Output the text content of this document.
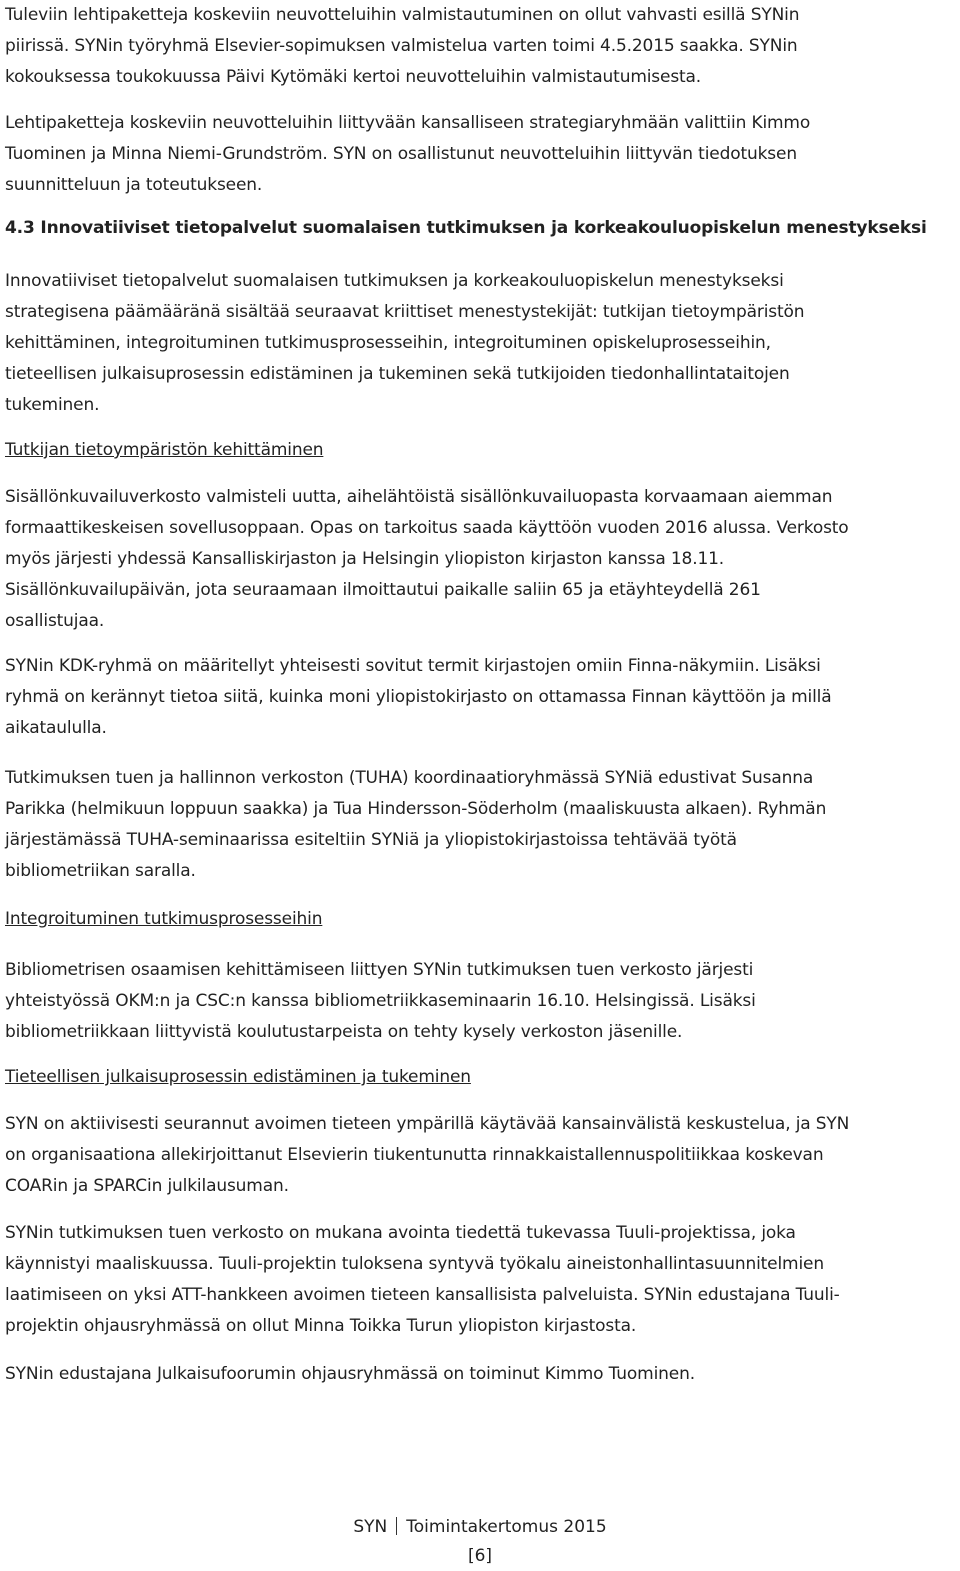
Tuleviin lehtipaketteja koskeviin neuvotteluihin valmistautuminen on ollut vahvasti esillä SYNin
piirissä. SYNin työryhmä Elsevier-sopimuksen valmistelua varten toimi 4.5.2015 saakka. SYNin
kokouksessa toukokuussa Päivi Kytömäki kertoi neuvotteluihin valmistautumisesta.
Lehtipaketteja koskeviin neuvotteluihin liittyvään kansalliseen strategiaryhmään valittiin Kimmo
Tuominen ja Minna Niemi-Grundström. SYN on osallistunut neuvotteluihin liittyvän tiedotuksen
suunnitteluun ja toteutukseen.
4.3 Innovatiiviset tietopalvelut suomalaisen tutkimuksen ja korkeakouluopiskelun menestykseksi
Innovatiiviset tietopalvelut suomalaisen tutkimuksen ja korkeakouluopiskelun menestykseksi
strategisena päämääränä sisältää seuraavat kriittiset menestystekijät: tutkijan tietoympäristön
kehittäminen, integroituminen tutkimusprosesseihin, integroituminen opiskeluprosesseihin,
tieteellisen julkaisuprosessin edistäminen ja tukeminen sekä tutkijoiden tiedonhallintataitojen
tukeminen.
Tutkijan tietoympäristön kehittäminen
Sisällönkuvailuverkosto valmisteli uutta, aihelähtöistä sisällönkuvailuopasta korvaamaan aiemman
formaattikeskeisen sovellusoppaan. Opas on tarkoitus saada käyttöön vuoden 2016 alussa. Verkosto
myös järjesti yhdessä Kansalliskirjaston ja Helsingin yliopiston kirjaston kanssa 18.11.
Sisällönkuvailupäivän, jota seuraamaan ilmoittautui paikalle saliin 65 ja etäyhteydellä 261
osallistujaa.
SYNin KDK-ryhmä on määritellyt yhteisesti sovitut termit kirjastojen omiin Finna-näkymiin. Lisäksi
ryhmä on kerännyt tietoa siitä, kuinka moni yliopistokirjasto on ottamassa Finnan käyttöön ja millä
aikataululla.
Tutkimuksen tuen ja hallinnon verkoston (TUHA) koordinaatioryhmässä SYNiä edustivat Susanna
Parikka (helmikuun loppuun saakka) ja Tua Hindersson-Söderholm (maaliskuusta alkaen). Ryhmän
järjestämässä TUHA-seminaarissa esiteltiin SYNiä ja yliopistokirjastoissa tehtävää työtä
bibliometriikan saralla.
Integroituminen tutkimusprosesseihin
Bibliometrisen osaamisen kehittämiseen liittyen SYNin tutkimuksen tuen verkosto järjesti
yhteistyössä OKM:n ja CSC:n kanssa bibliometriikkaseminaarin 16.10. Helsingissä. Lisäksi
bibliometriikkaan liittyvistä koulutustarpeista on tehty kysely verkoston jäsenille.
Tieteellisen julkaisuprosessin edistäminen ja tukeminen
SYN on aktiivisesti seurannut avoimen tieteen ympärillä käytävää kansainvälistä keskustelua, ja SYN
on organisaationa allekirjoittanut Elsevierin tiukentunutta rinnakkaistallennuspolitiikkaa koskevan
COARin ja SPARCin julkilausuman.
SYNin tutkimuksen tuen verkosto on mukana avointa tiedettä tukevassa Tuuli-projektissa, joka
käynnistyi maaliskuussa. Tuuli-projektin tuloksena syntyvä työkalu aineistonhallintasuunnitelmien
laatimiseen on yksi ATT-hankkeen avoimen tieteen kansallisista palveluista. SYNin edustajana Tuuli-
projektin ohjausryhmässä on ollut Minna Toikka Turun yliopiston kirjastosta.
SYNin edustajana Julkaisufoorumin ohjausryhmässä on toiminut Kimmo Tuominen.
SYN Toimintakertomus 2015
[6]
